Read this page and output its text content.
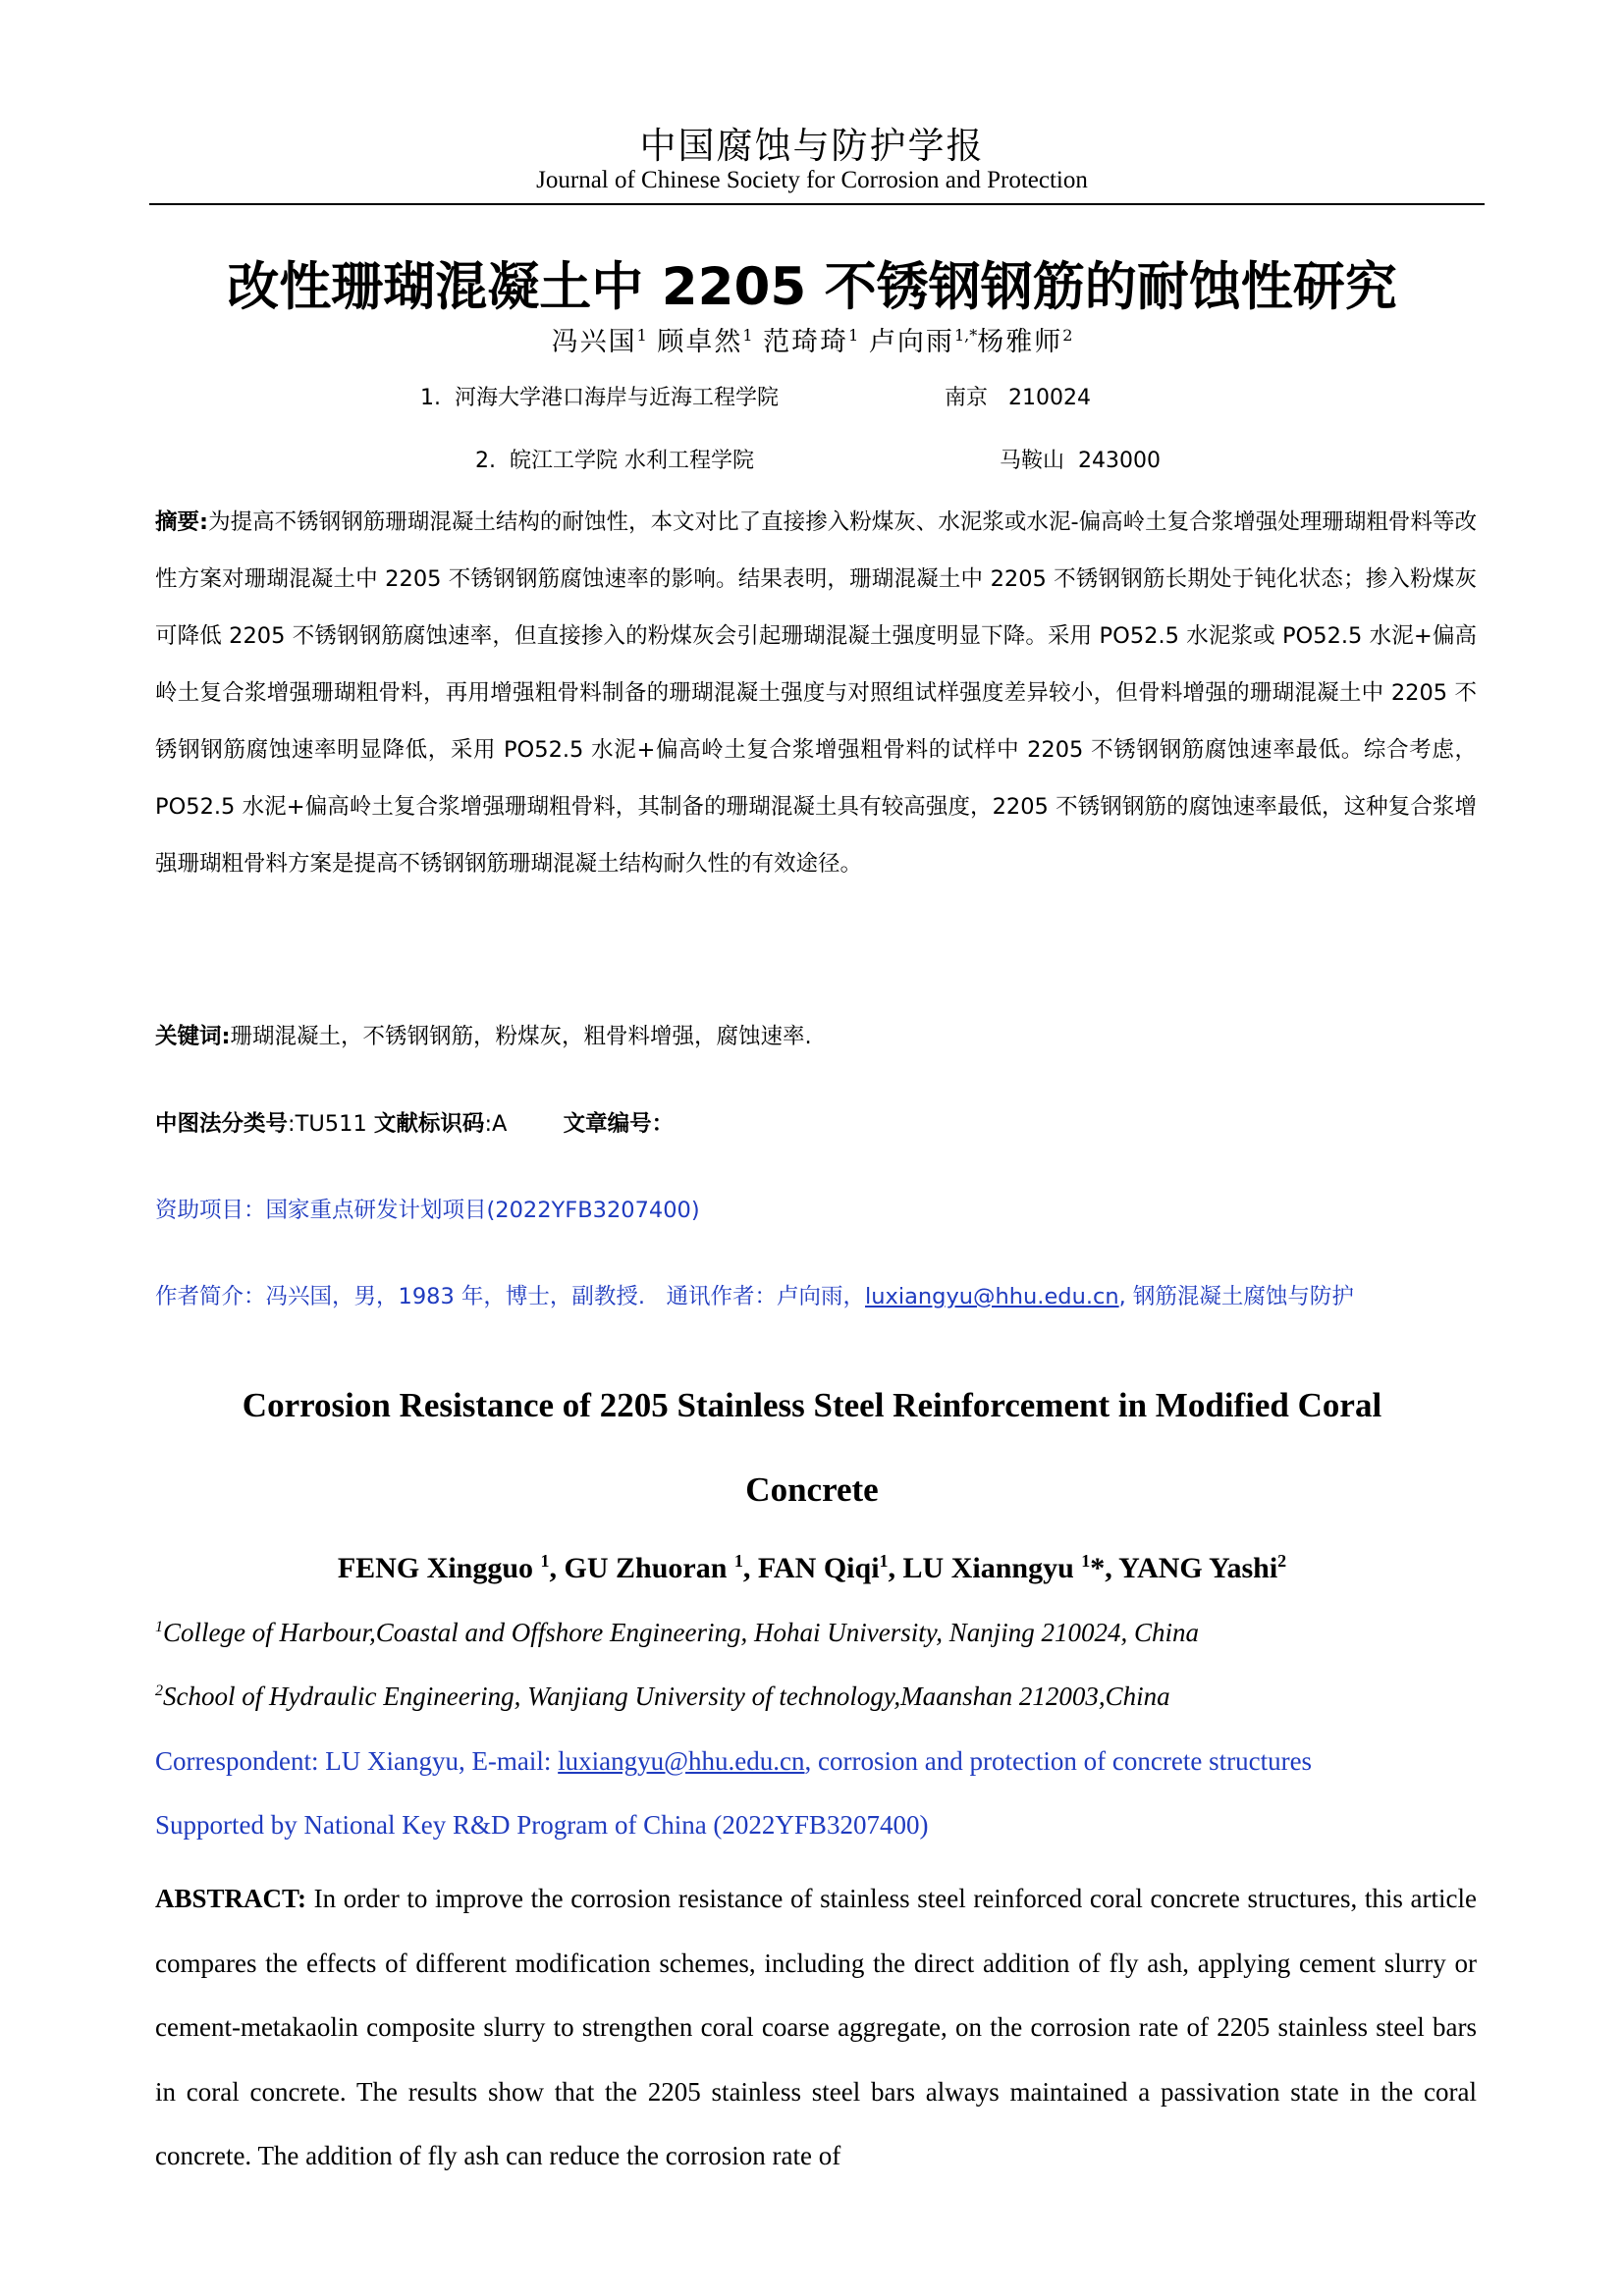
中国腐蚀与防护学报
Journal of Chinese Society for Corrosion and Protection
改性珊瑚混凝土中 2205 不锈钢钢筋的耐蚀性研究
冯兴国$^1$ 顾卓然$^1$ 范琦琦$^1$ 卢向雨$^{1,*}$杨雅师$^2$
1.  河海大学港口海岸与近海工程学院	南京   210024
2.  皖江工学院 水利工程学院	马鞍山  243000
摘要:为提高不锈钢钢筋珊瑚混凝土结构的耐蚀性，本文对比了直接掺入粉煤灰、水泥浆或水泥-偏高岭土复合浆增强处理珊瑚粗骨料等改性方案对珊瑚混凝土中 2205 不锈钢钢筋腐蚀速率的影响。结果表明，珊瑚混凝土中 2205 不锈钢钢筋长期处于钝化状态；掺入粉煤灰可降低 2205 不锈钢钢筋腐蚀速率，但直接掺入的粉煤灰会引起珊瑚混凝土强度明显下降。采用 PO52.5 水泥浆或 PO52.5 水泥+偏高岭土复合浆增强珊瑚粗骨料，再用增强粗骨料制备的珊瑚混凝土强度与对照组试样强度差异较小，但骨料增强的珊瑚混凝土中 2205 不锈钢钢筋腐蚀速率明显降低，采用 PO52.5 水泥+偏高岭土复合浆增强粗骨料的试样中 2205 不锈钢钢筋腐蚀速率最低。综合考虑，PO52.5 水泥+偏高岭土复合浆增强珊瑚粗骨料，其制备的珊瑚混凝土具有较高强度，2205 不锈钢钢筋的腐蚀速率最低，这种复合浆增强珊瑚粗骨料方案是提高不锈钢钢筋珊瑚混凝土结构耐久性的有效途径。
关键词:珊瑚混凝土，不锈钢钢筋，粉煤灰，粗骨料增强，腐蚀速率.
中图法分类号:TU511 文献标识码:A	文章编号：
资助项目：国家重点研发计划项目(2022YFB3207400)
作者简介：冯兴国，男，1983 年，博士，副教授.   通讯作者：卢向雨，luxiangyu@hhu.edu.cn, 钢筋混凝土腐蚀与防护
Corrosion Resistance of 2205 Stainless Steel Reinforcement in Modified Coral
Concrete
FENG Xingguo $^1$, GU Zhuoran $^1$, FAN Qiqi$^1$, LU Xianngyu $^1$*, YANG Yashi$^2$
$^1$College of Harbour,Coastal and Offshore Engineering, Hohai University, Nanjing 210024, China
$^2$School of Hydraulic Engineering, Wanjiang University of technology,Maanshan 212003,China
Correspondent: LU Xiangyu, E-mail: luxiangyu@hhu.edu.cn, corrosion and protection of concrete structures
Supported by National Key R&D Program of China (2022YFB3207400)
ABSTRACT: In order to improve the corrosion resistance of stainless steel reinforced coral concrete structures, this article compares the effects of different modification schemes, including the direct addition of fly ash, applying cement slurry or cement-metakaolin composite slurry to strengthen coral coarse aggregate, on the corrosion rate of 2205 stainless steel bars in coral concrete. The results show that the 2205 stainless steel bars always maintained a passivation state in the coral concrete. The addition of fly ash can reduce the corrosion rate of
